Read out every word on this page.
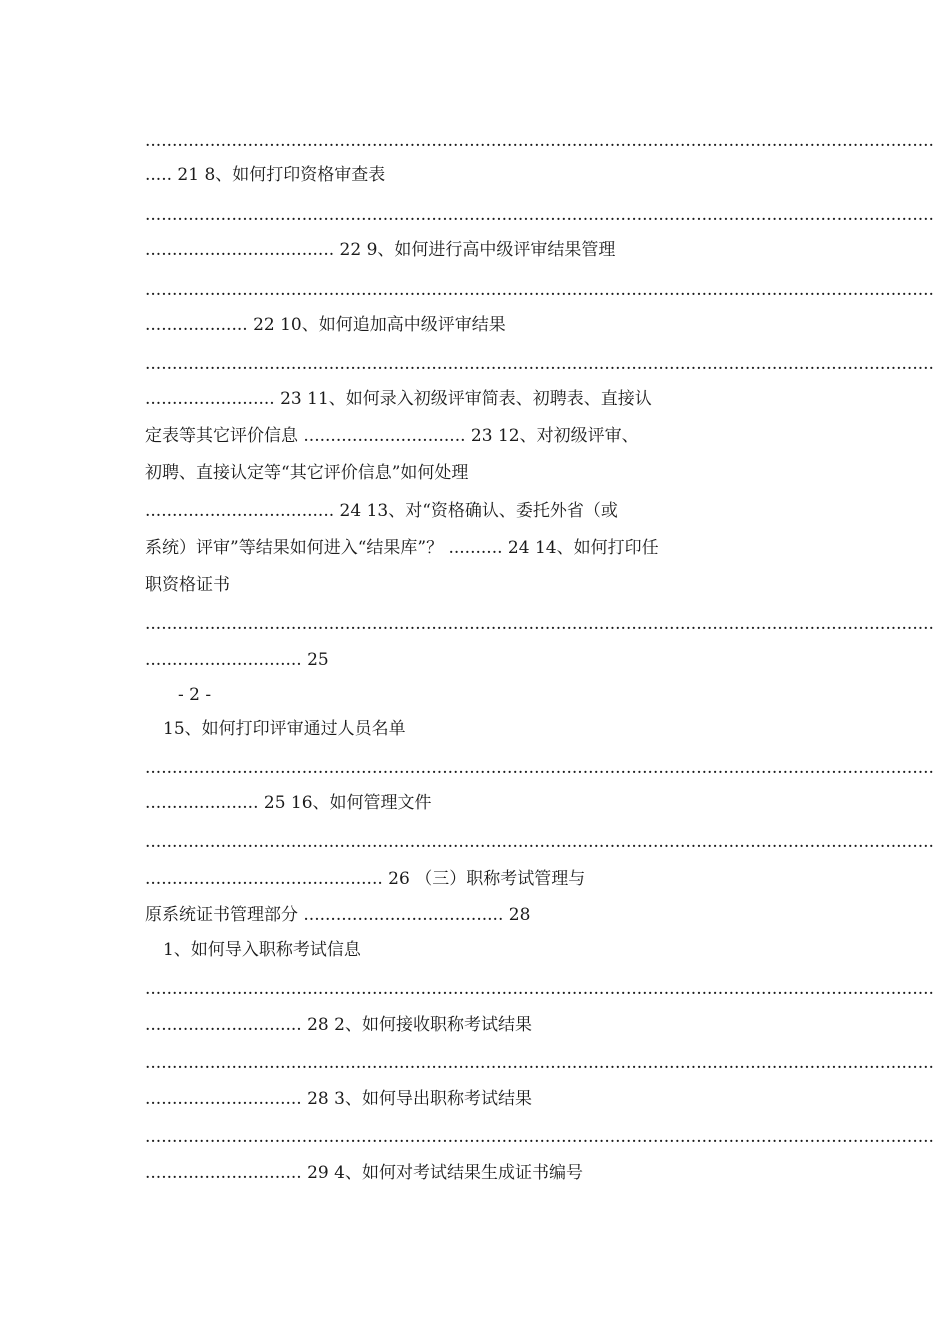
..................................................................................................................................................
..... 21 8、如何打印资格审查表
..................................................................................................................................................
................................... 22 9、如何进行高中级评审结果管理
..................................................................................................................................................
................... 22 10、如何追加高中级评审结果
..................................................................................................................................................
........................ 23 11、如何录入初级评审简表、初聘表、直接认
定表等其它评价信息 .............................. 23 12、对初级评审、
初聘、直接认定等“其它评价信息”如何处理
................................... 24 13、对“资格确认、委托外省（或
系统）评审”等结果如何进入“结果库”？ .......... 24 14、如何打印任
职资格证书
..................................................................................................................................................
............................. 25
- 2 -
15、如何打印评审通过人员名单
..................................................................................................................................................
..................... 25 16、如何管理文件
..................................................................................................................................................
............................................ 26 （三）职称考试管理与
原系统证书管理部分 ..................................... 28
1、如何导入职称考试信息
..................................................................................................................................................
............................. 28 2、如何接收职称考试结果
..................................................................................................................................................
............................. 28 3、如何导出职称考试结果
..................................................................................................................................................
............................. 29 4、如何对考试结果生成证书编号
